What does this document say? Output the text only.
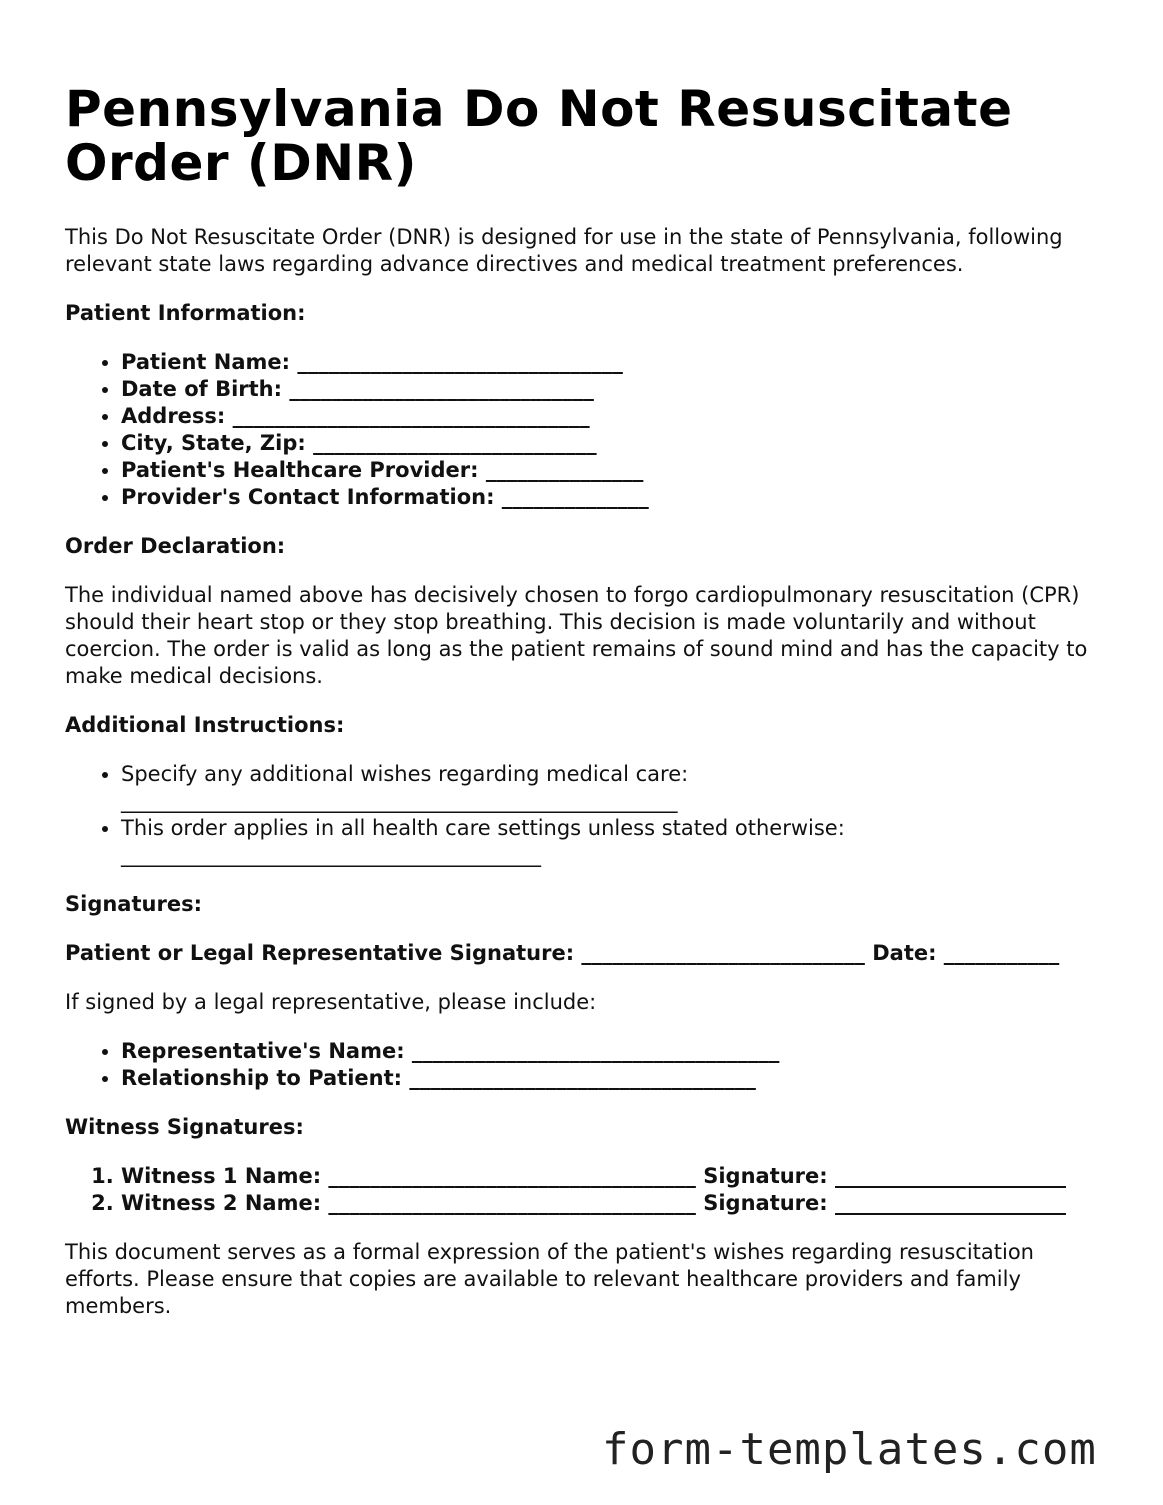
Pennsylvania Do Not Resuscitate Order (DNR)

This Do Not Resuscitate Order (DNR) is designed for use in the state of Pennsylvania, following relevant state laws regarding advance directives and medical treatment preferences.

Patient Information:

• Patient Name: _______________________________
• Date of Birth: _____________________________
• Address: __________________________________
• City, State, Zip: ___________________________
• Patient's Healthcare Provider: _______________
• Provider's Contact Information: ______________

Order Declaration:

The individual named above has decisively chosen to forgo cardiopulmonary resuscitation (CPR) should their heart stop or they stop breathing. This decision is made voluntarily and without coercion. The order is valid as long as the patient remains of sound mind and has the capacity to make medical decisions.

Additional Instructions:

• Specify any additional wishes regarding medical care: _____________________________________________________
• This order applies in all health care settings unless stated otherwise: ________________________________________

Signatures:

Patient or Legal Representative Signature: ___________________________ Date: ___________

If signed by a legal representative, please include:

• Representative's Name: ___________________________________
• Relationship to Patient: _________________________________

Witness Signatures:

1. Witness 1 Name: ___________________________________ Signature: ______________________
2. Witness 2 Name: ___________________________________ Signature: ______________________

This document serves as a formal expression of the patient's wishes regarding resuscitation efforts. Please ensure that copies are available to relevant healthcare providers and family members.

form-templates.com
